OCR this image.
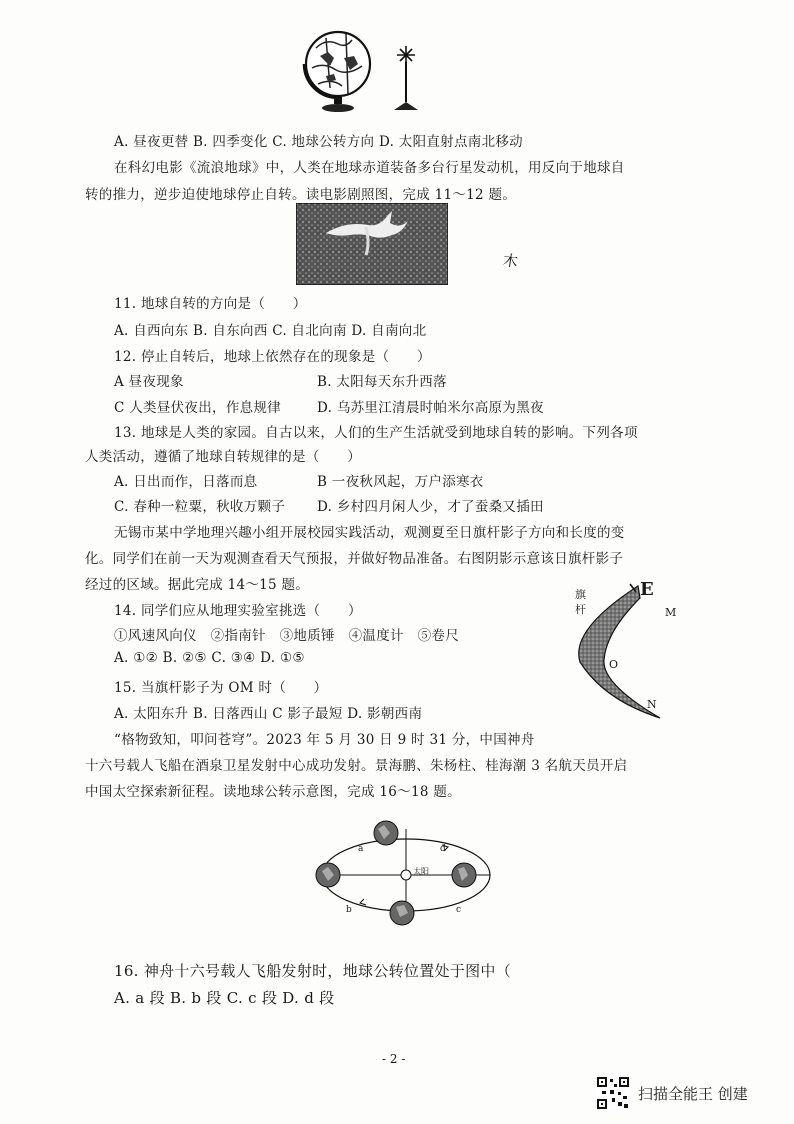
A. 昼夜更替 B. 四季变化 C. 地球公转方向 D. 太阳直射点南北移动
在科幻电影《流浪地球》中，人类在地球赤道装备多台行星发动机，用反向于地球自
转的推力，逆步迫使地球停止自转。读电影剧照图，完成 11～12 题。
木
11. 地球自转的方向是（　　）
A. 自西向东 B. 自东向西 C. 自北向南 D. 自南向北
12. 停止自转后，地球上依然存在的现象是（　　）
A 昼夜现象	B. 太阳每天东升西落
C 人类昼伏夜出，作息规律	D. 乌苏里江清晨时帕米尔高原为黑夜
13. 地球是人类的家园。自古以来，人们的生产生活就受到地球自转的影响。下列各项
人类活动，遵循了地球自转规律的是（　　）
A. 日出而作，日落而息	B 一夜秋风起，万户添寒衣
C. 春种一粒粟，秋收万颗子 D. 乡村四月闲人少，才了蚕桑又插田
无锡市某中学地理兴趣小组开展校园实践活动，观测夏至日旗杆影子方向和长度的变
化。同学们在前一天为观测查看天气预报，并做好物品准备。右图阴影示意该日旗杆影子
经过的区域。据此完成 14～15 题。
14. 同学们应从地理实验室挑选（　　）
①风速风向仪　②指南针　③地质锤　④温度计　⑤卷尺
A. ①② B. ②⑤ C. ③④ D. ①⑤
15. 当旗杆影子为 OM 时（　　）
A. 太阳东升 B. 日落西山 C 影子最短 D. 影朝西南
旗杆
E
M
O
N
“格物致知，叩问苍穹”。2023 年 5 月 30 日 9 时 31 分，中国神舟
十六号载人飞船在酒泉卫星发射中心成功发射。景海鹏、朱杨柱、桂海潮 3 名航天员开启
中国太空探索新征程。读地球公转示意图，完成 16～18 题。
太阳
a
b	c
d
16. 神舟十六号载人飞船发射时，地球公转位置处于图中（
A. a 段 B. b 段 C. c 段 D. d 段
- 2 -
扫描全能王 创建
